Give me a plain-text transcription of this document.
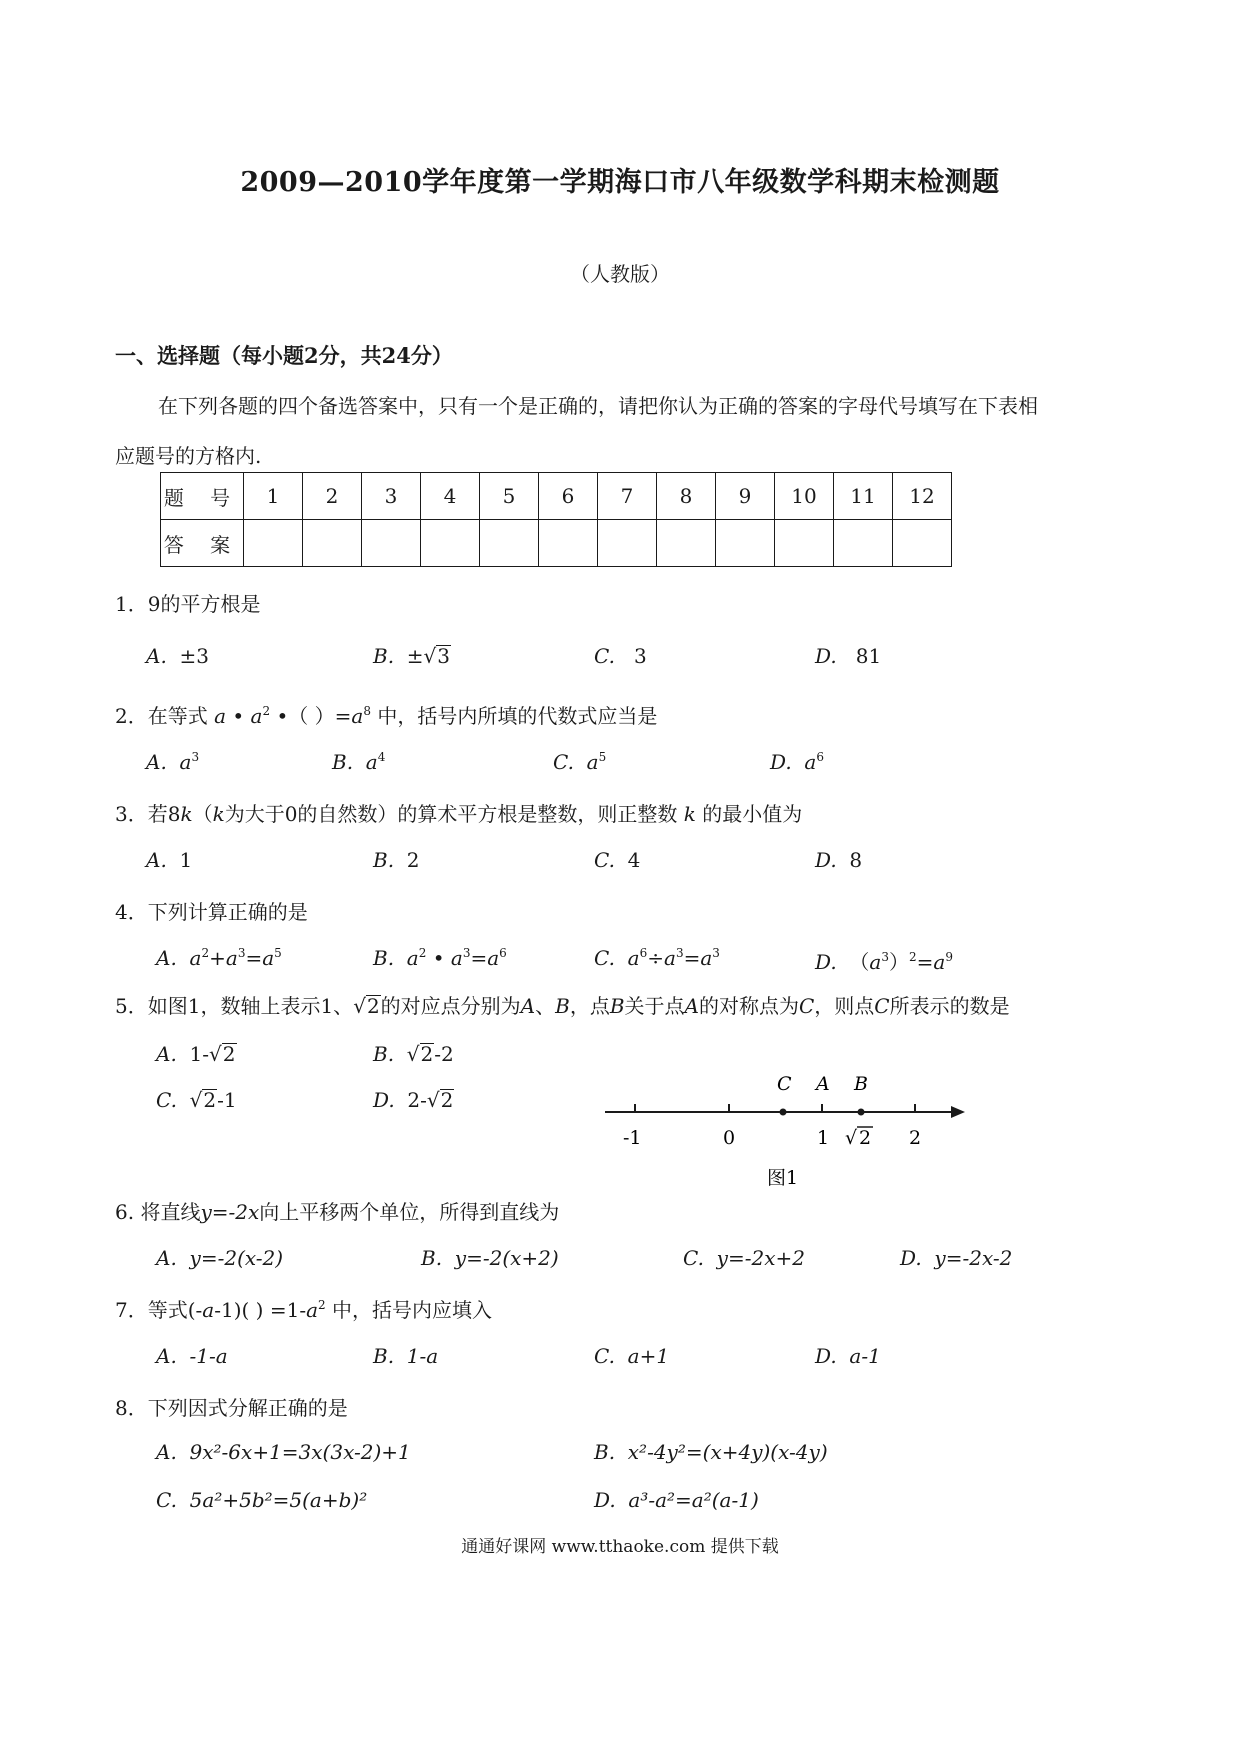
2009—2010学年度第一学期海口市八年级数学科期末检测题
（人教版）
一、选择题（每小题2分，共24分）
在下列各题的四个备选答案中，只有一个是正确的，请把你认为正确的答案的字母代号填写在下表相
应题号的方格内.
题 号	1	2	3	4	5	6	7	8	9	10	11	12
答 案												
1．9的平方根是
A. ±3	B. ±√3	C. 3	D. 81
2．在等式 a • $a^2$ •（ ）$=a^8$ 中，括号内所填的代数式应当是
A. $a^3$	B. $a^4$	C. $a^5$	D. $a^6$
3．若8k（k为大于0的自然数）的算术平方根是整数，则正整数 k 的最小值为
A. 1	B. 2	C. 4	D. 8
4．下列计算正确的是
A. $a^2+a^3=a^5$	B. $a^2$ • $a^3=a^6$	C. $a^6\div a^3=a^3$	D. $(a^3)^2=a^9$
5．如图1，数轴上表示1、√2的对应点分别为A、B，点B关于点A的对称点为C，则点C所表示的数是
A. 1-√2	B. √2-2
C. √2-1	D. 2-√2
C A B
-1	0	1 √ 2 2
图1
6. 将直线y=-2x向上平移两个单位，所得到直线为
A. y=-2(x-2)	B. y=-2(x+2)	C. y=-2x+2	D. y=-2x-2
7．等式(-a-1)( ) $=1-a^2$ 中，括号内应填入
A. -1-a	B. 1-a	C. a+1	D. a-1
8．下列因式分解正确的是
A. 9x²-6x+1=3x(3x-2)+1	B. x²-4y²=(x+4y)(x-4y)
C. 5a²+5b²=5(a+b)²	D. a³-a²=a²(a-1)
通通好课网 www.tthaoke.com 提供下载
